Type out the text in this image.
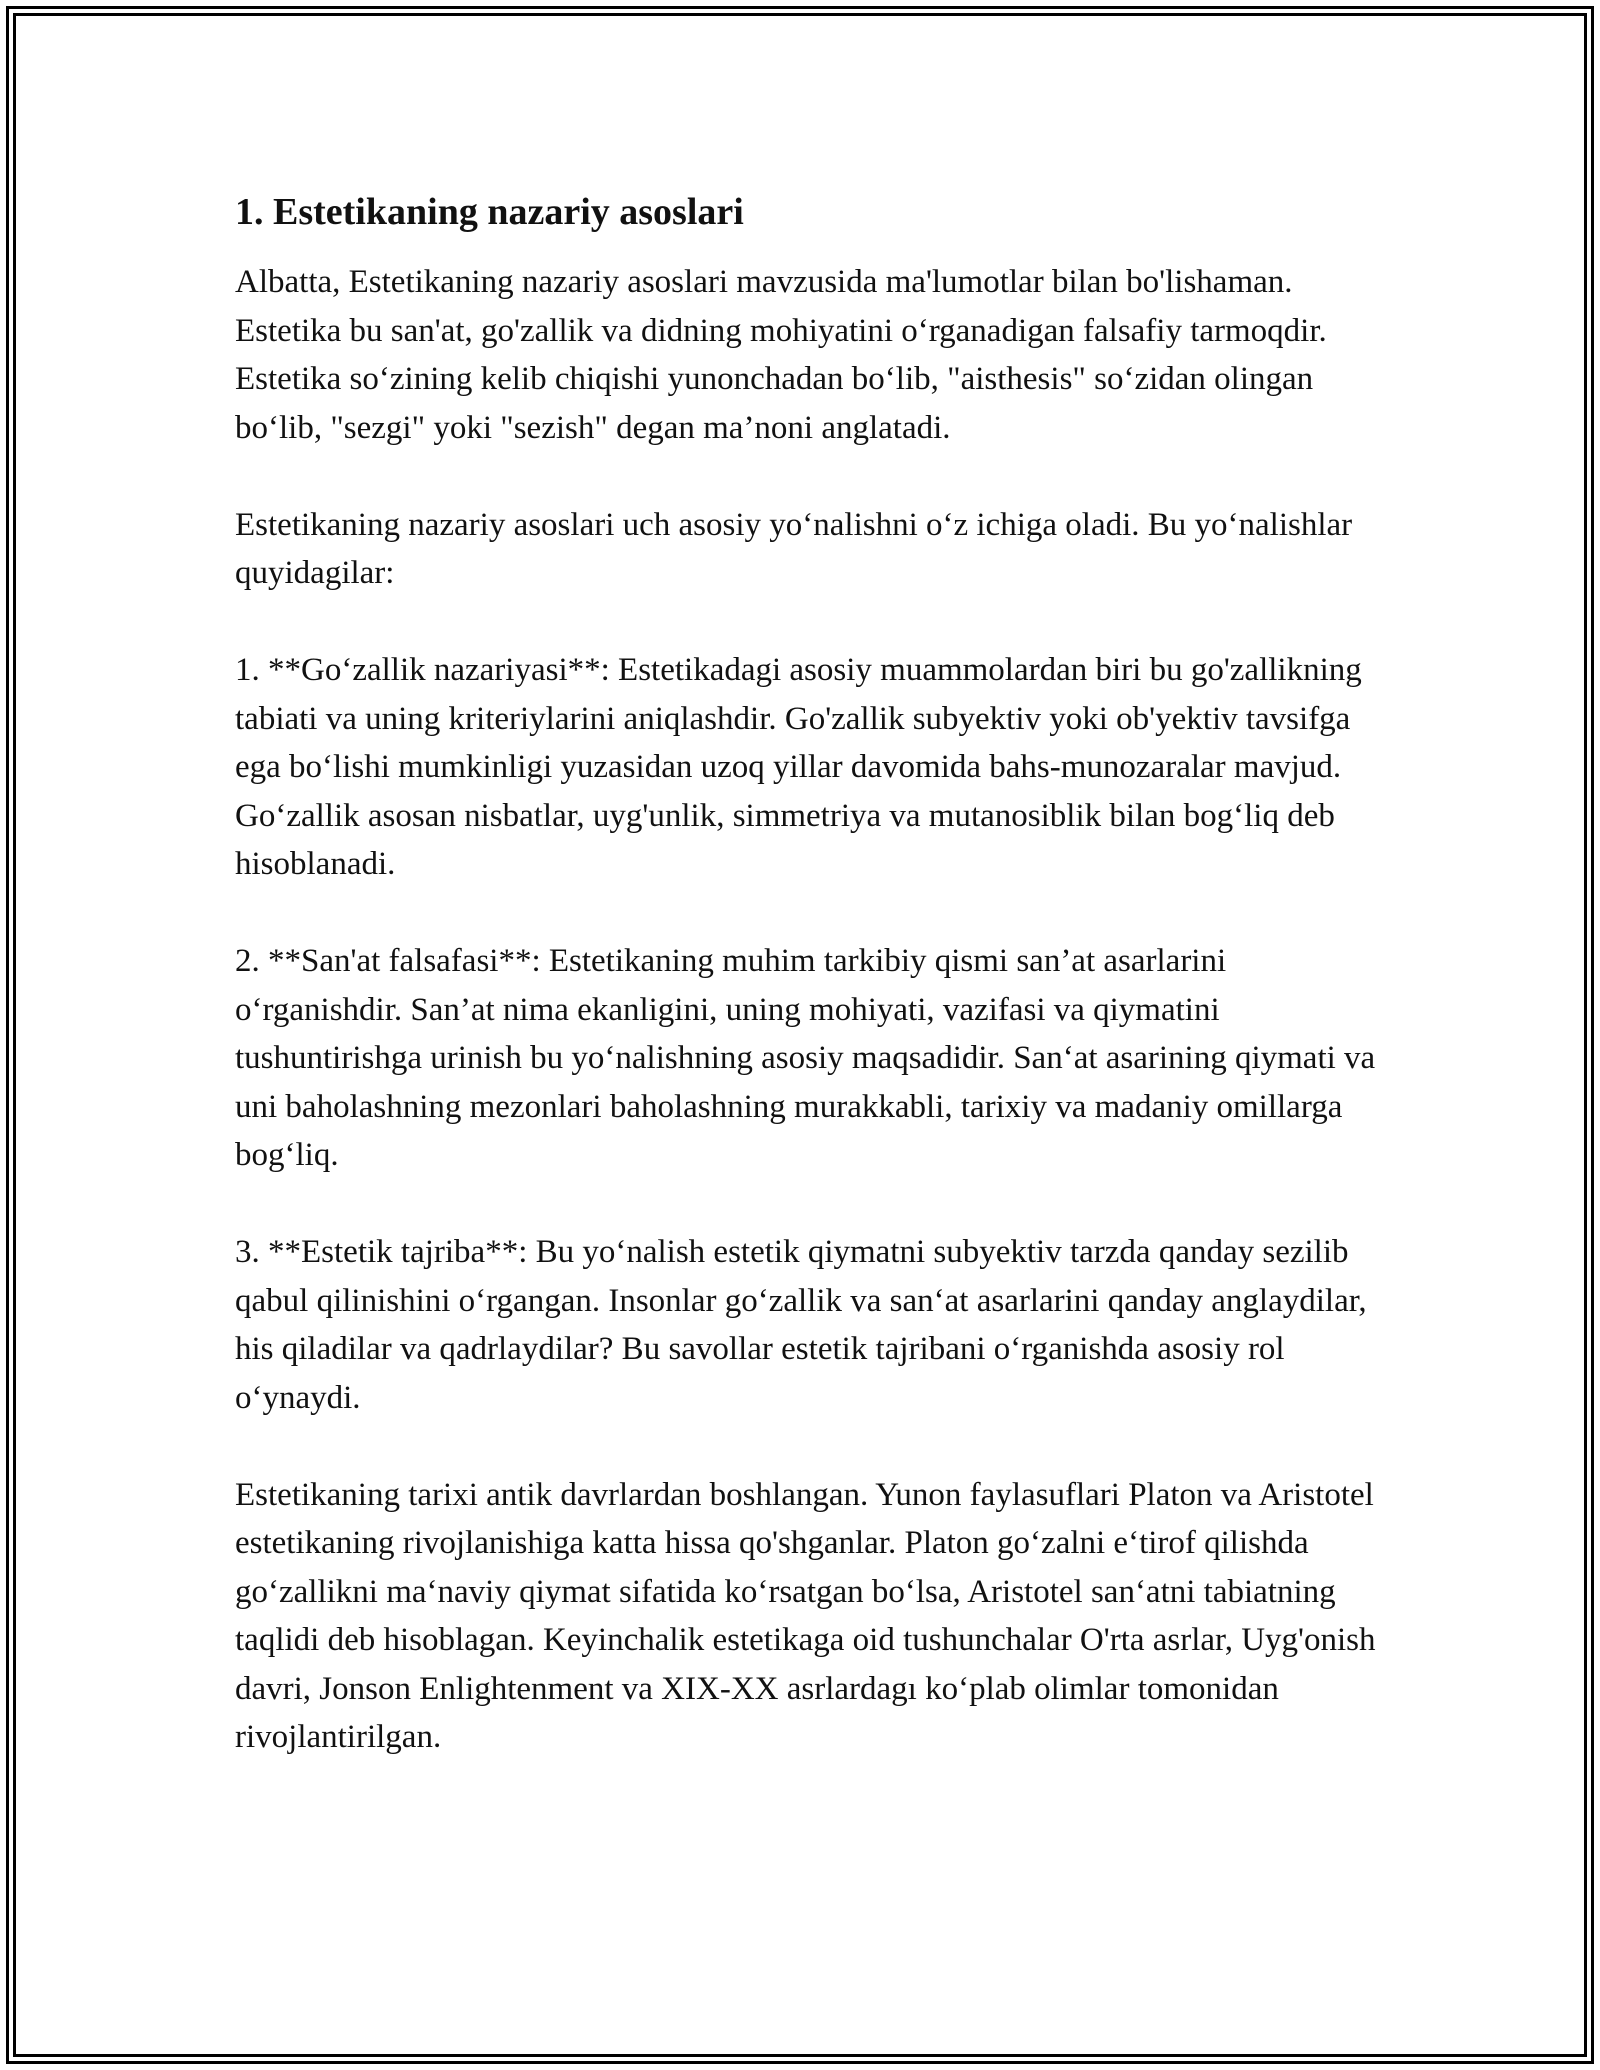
1. Estetikaning nazariy asoslari

Albatta, Estetikaning nazariy asoslari mavzusida ma'lumotlar bilan bo'lishaman. Estetika bu san'at, go'zallik va didning mohiyatini o‘rganadigan falsafiy tarmoqdir. Estetika so‘zining kelib chiqishi yunonchadan bo‘lib, "aisthesis" so‘zidan olingan bo‘lib, "sezgi" yoki "sezish" degan ma’noni anglatadi.

Estetikaning nazariy asoslari uch asosiy yo‘nalishni o‘z ichiga oladi. Bu yo‘nalishlar quyidagilar:

1. **Go‘zallik nazariyasi**: Estetikadagi asosiy muammolardan biri bu go'zallikning tabiati va uning kriteriylarini aniqlashdir. Go'zallik subyektiv yoki ob'yektiv tavsifga ega bo‘lishi mumkinligi yuzasidan uzoq yillar davomida bahs-munozaralar mavjud. Go‘zallik asosan nisbatlar, uyg'unlik, simmetriya va mutanosiblik bilan bog‘liq deb hisoblanadi.

2. **San'at falsafasi**: Estetikaning muhim tarkibiy qismi san’at asarlarini o‘rganishdir. San’at nima ekanligini, uning mohiyati, vazifasi va qiymatini tushuntirishga urinish bu yo‘nalishning asosiy maqsadidir. San‘at asarining qiymati va uni baholashning mezonlari baholashning murakkabli, tarixiy va madaniy omillarga bog‘liq.

3. **Estetik tajriba**: Bu yo‘nalish estetik qiymatni subyektiv tarzda qanday sezilib qabul qilinishini o‘rgangan. Insonlar go‘zallik va san‘at asarlarini qanday anglaydilar, his qiladilar va qadrlaydilar? Bu savollar estetik tajribani o‘rganishda asosiy rol o‘ynaydi.

Estetikaning tarixi antik davrlardan boshlangan. Yunon faylasuflari Platon va Aristotel estetikaning rivojlanishiga katta hissa qo'shganlar. Platon go‘zalni e‘tirof qilishda go‘zallikni ma‘naviy qiymat sifatida ko‘rsatgan bo‘lsa, Aristotel san‘atni tabiatning taqlidi deb hisoblagan. Keyinchalik estetikaga oid tushunchalar O'rta asrlar, Uyg'onish davri, Jonson Enlightenment va XIX-XX asrlardagı ko‘plab olimlar tomonidan rivojlantirilgan.
